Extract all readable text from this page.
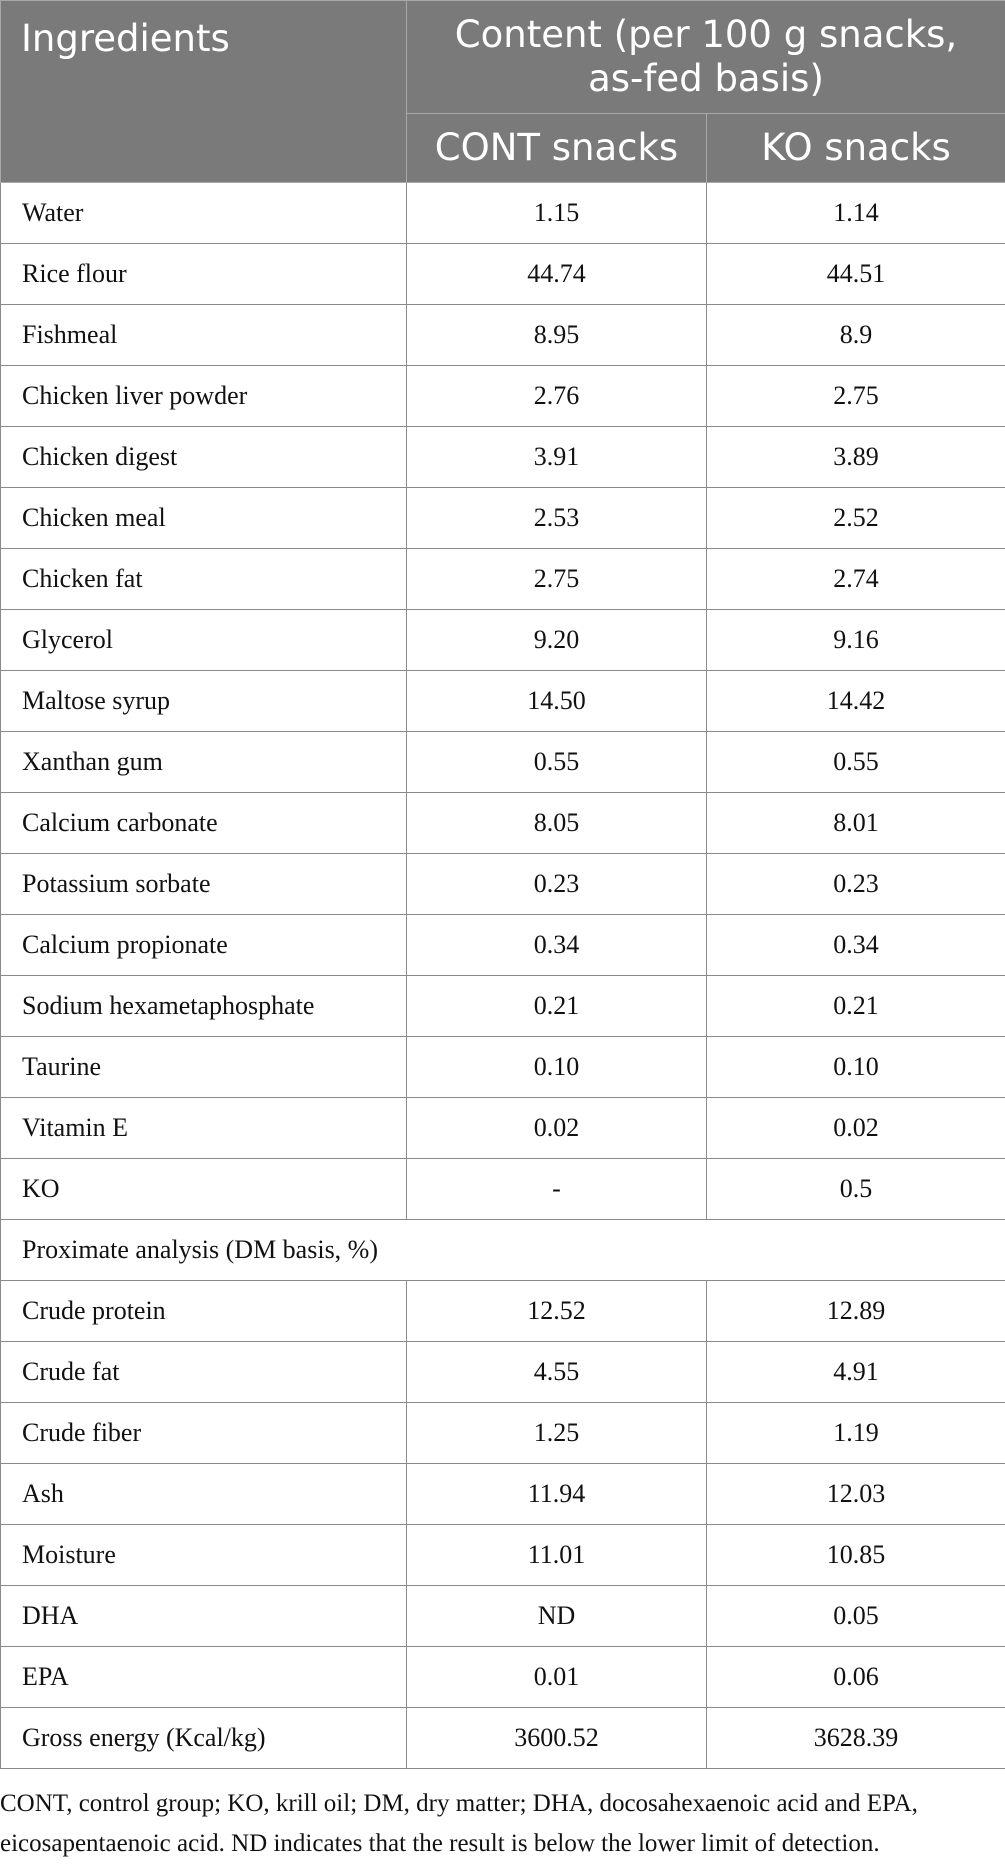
Ingredients	Content (per 100 g snacks, as-fed basis)	
	CONT snacks	KO snacks
Water	1.15	1.14
Rice flour	44.74	44.51
Fishmeal	8.95	8.9
Chicken liver powder	2.76	2.75
Chicken digest	3.91	3.89
Chicken meal	2.53	2.52
Chicken fat	2.75	2.74
Glycerol	9.20	9.16
Maltose syrup	14.50	14.42
Xanthan gum	0.55	0.55
Calcium carbonate	8.05	8.01
Potassium sorbate	0.23	0.23
Calcium propionate	0.34	0.34
Sodium hexametaphosphate	0.21	0.21
Taurine	0.10	0.10
Vitamin E	0.02	0.02
KO	-	0.5
Proximate analysis (DM basis, %)		
Crude protein	12.52	12.89
Crude fat	4.55	4.91
Crude fiber	1.25	1.19
Ash	11.94	12.03
Moisture	11.01	10.85
DHA	ND	0.05
EPA	0.01	0.06
Gross energy (Kcal/kg)	3600.52	3628.39

CONT, control group; KO, krill oil; DM, dry matter; DHA, docosahexaenoic acid and EPA, eicosapentaenoic acid. ND indicates that the result is below the lower limit of detection.
